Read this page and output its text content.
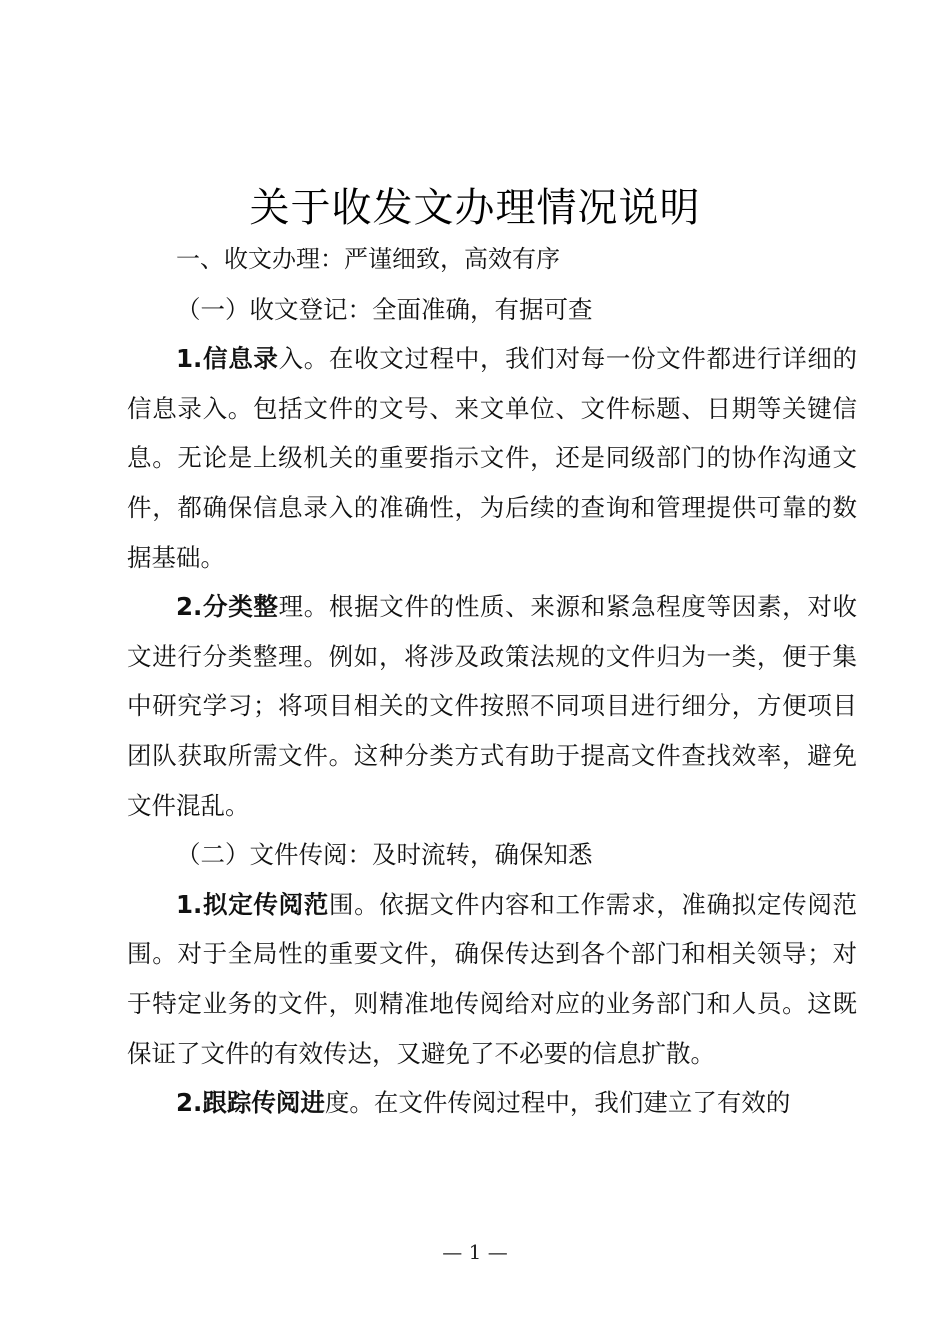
关于收发文办理情况说明

一、收文办理：严谨细致，高效有序

（一）收文登记：全面准确，有据可查

1.信息录入。在收文过程中，我们对每一份文件都进行详细的信息录入。包括文件的文号、来文单位、文件标题、日期等关键信息。无论是上级机关的重要指示文件，还是同级部门的协作沟通文件，都确保信息录入的准确性，为后续的查询和管理提供可靠的数据基础。

2.分类整理。根据文件的性质、来源和紧急程度等因素，对收文进行分类整理。例如，将涉及政策法规的文件归为一类，便于集中研究学习；将项目相关的文件按照不同项目进行细分，方便项目团队获取所需文件。这种分类方式有助于提高文件查找效率，避免文件混乱。

（二）文件传阅：及时流转，确保知悉

1.拟定传阅范围。依据文件内容和工作需求，准确拟定传阅范围。对于全局性的重要文件，确保传达到各个部门和相关领导；对于特定业务的文件，则精准地传阅给对应的业务部门和人员。这既保证了文件的有效传达，又避免了不必要的信息扩散。

2.跟踪传阅进度。在文件传阅过程中，我们建立了有效的

— 1 —
